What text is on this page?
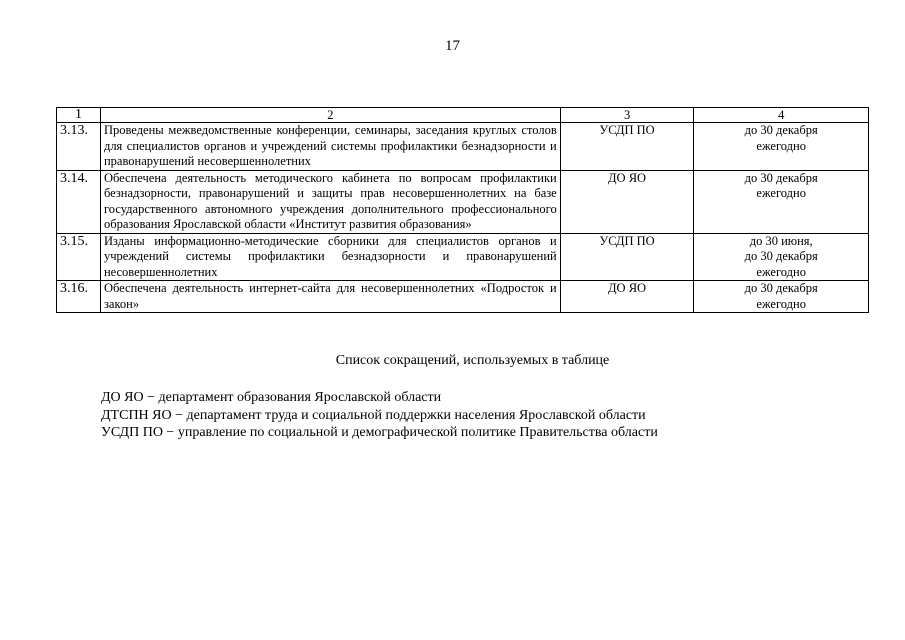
17
1	2	3	4
3.13.	Проведены межведомственные конференции, семинары, заседания круглых столов для специалистов органов и учреждений системы профилактики безнадзорности и правонарушений несовершеннолетних	УСДП ПО	до 30 декабря
ежегодно

3.14.	Обеспечена деятельность методического кабинета по вопросам профилактики безнадзорности, правонарушений и защиты прав несовершеннолетних на базе государственного автономного учреждения дополнительного профессионального образования Ярославской области «Институт развития образования»	ДО ЯО	до 30 декабря
ежегодно

3.15.	Изданы информационно-методические сборники для специалистов органов и учреждений системы профилактики безнадзорности и правонарушений несовершеннолетних	УСДП ПО	до 30 июня,
до 30 декабря
ежегодно

3.16.	Обеспечена деятельность интернет-сайта для несовершеннолетних «Подросток и закон»	ДО ЯО	до 30 декабря
ежегодно
Список сокращений, используемых в таблице
ДО ЯО − департамент образования Ярославской области
ДТСПН ЯО − департамент труда и социальной поддержки населения Ярославской области
УСДП ПО − управление по социальной и демографической политике Правительства области
